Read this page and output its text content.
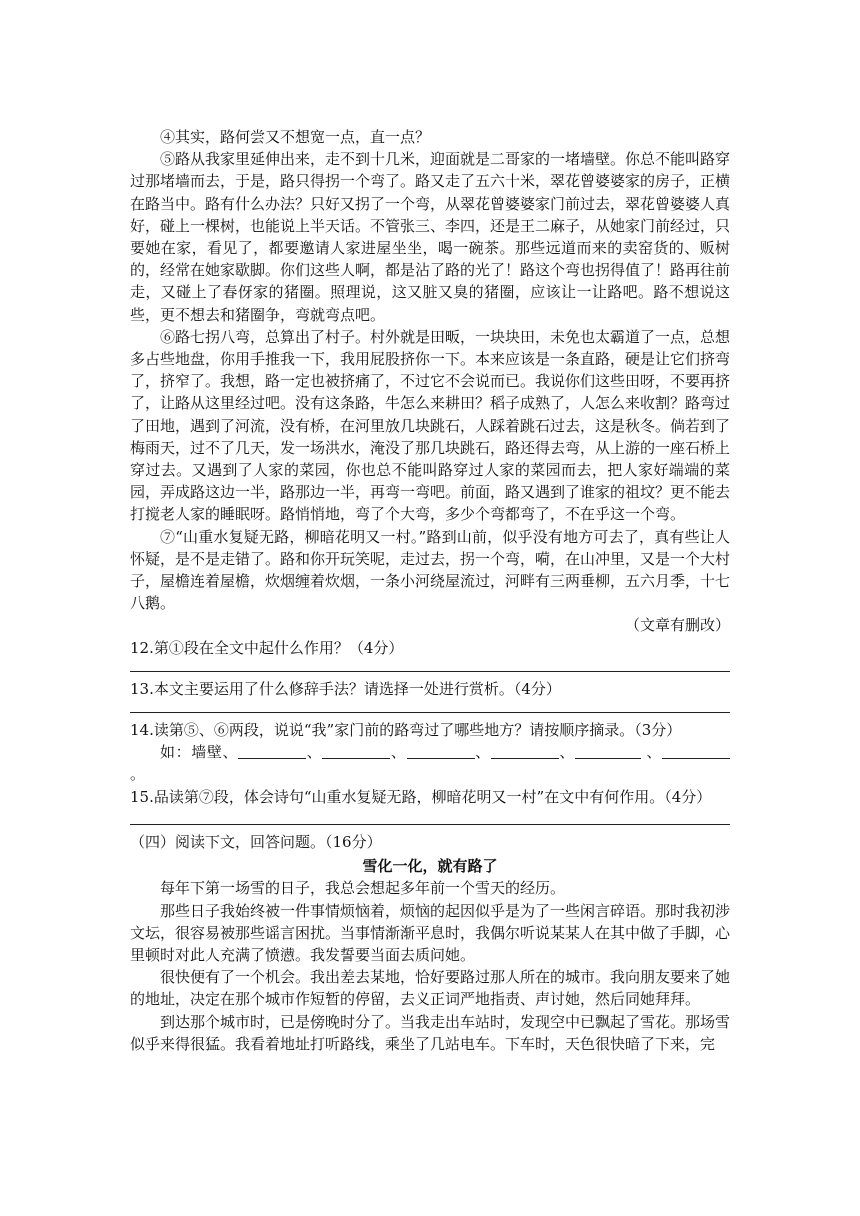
④其实，路何尝又不想宽一点，直一点？

⑤路从我家里延伸出来，走不到十几米，迎面就是二哥家的一堵墙壁。你总不能叫路穿过那堵墙而去，于是，路只得拐一个弯了。路又走了五六十米，翠花曾婆婆家的房子，正横在路当中。路有什么办法？只好又拐了一个弯，从翠花曾婆婆家门前过去，翠花曾婆婆人真好，碰上一棵树，也能说上半天话。不管张三、李四，还是王二麻子，从她家门前经过，只要她在家，看见了，都要邀请人家进屋坐坐，喝一碗茶。那些远道而来的卖窑货的、贩树的，经常在她家歇脚。你们这些人啊，都是沾了路的光了！路这个弯也拐得值了！路再往前走，又碰上了春伢家的猪圈。照理说，这又脏又臭的猪圈，应该让一让路吧。路不想说这些，更不想去和猪圈争，弯就弯点吧。

⑥路七拐八弯，总算出了村子。村外就是田畈，一块块田，未免也太霸道了一点，总想多占些地盘，你用手推我一下，我用屁股挤你一下。本来应该是一条直路，硬是让它们挤弯了，挤窄了。我想，路一定也被挤痛了，不过它不会说而已。我说你们这些田呀，不要再挤了，让路从这里经过吧。没有这条路，牛怎么来耕田？稻子成熟了，人怎么来收割？路弯过了田地，遇到了河流，没有桥，在河里放几块跳石，人踩着跳石过去，这是秋冬。倘若到了梅雨天，过不了几天，发一场洪水，淹没了那几块跳石，路还得去弯，从上游的一座石桥上穿过去。又遇到了人家的菜园，你也总不能叫路穿过人家的菜园而去，把人家好端端的菜园，弄成路这边一半，路那边一半，再弯一弯吧。前面，路又遇到了谁家的祖坟？更不能去打搅老人家的睡眠呀。路悄悄地，弯了个大弯，多少个弯都弯了，不在乎这一个弯。

⑦“山重水复疑无路，柳暗花明又一村。”路到山前，似乎没有地方可去了，真有些让人怀疑，是不是走错了。路和你开玩笑呢，走过去，拐一个弯，嗬，在山冲里，又是一个大村子，屋檐连着屋檐，炊烟缠着炊烟，一条小河绕屋流过，河畔有三两垂柳，五六月季，十七八鹅。

（文章有删改）

12.第①段在全文中起什么作用？（4分）

13.本文主要运用了什么修辞手法？请选择一处进行赏析。（4分）

14.读第⑤、⑥两段，说说“我”家门前的路弯过了哪些地方？请按顺序摘录。（3分）

如：墙壁、	、	、	、	、	、。

15.品读第⑦段，体会诗句“山重水复疑无路，柳暗花明又一村”在文中有何作用。（4分）

（四）阅读下文，回答问题。（16分）

雪化一化，就有路了

每年下第一场雪的日子，我总会想起多年前一个雪天的经历。

那些日子我始终被一件事情烦恼着，烦恼的起因似乎是为了一些闲言碎语。那时我初涉文坛，很容易被那些谣言困扰。当事情渐渐平息时，我偶尔听说某某人在其中做了手脚，心里顿时对此人充满了愤懑。我发誓要当面去质问她。

很快便有了一个机会。我出差去某地，恰好要路过那人所在的城市。我向朋友要来了她的地址，决定在那个城市作短暂的停留，去义正词严地指责、声讨她，然后同她拜拜。

到达那个城市时，已是傍晚时分了。当我走出车站时，发现空中已飘起了雪花。那场雪似乎来得很猛。我看着地址打听路线，乘坐了几站电车。下车时，天色很快暗了下来，完
